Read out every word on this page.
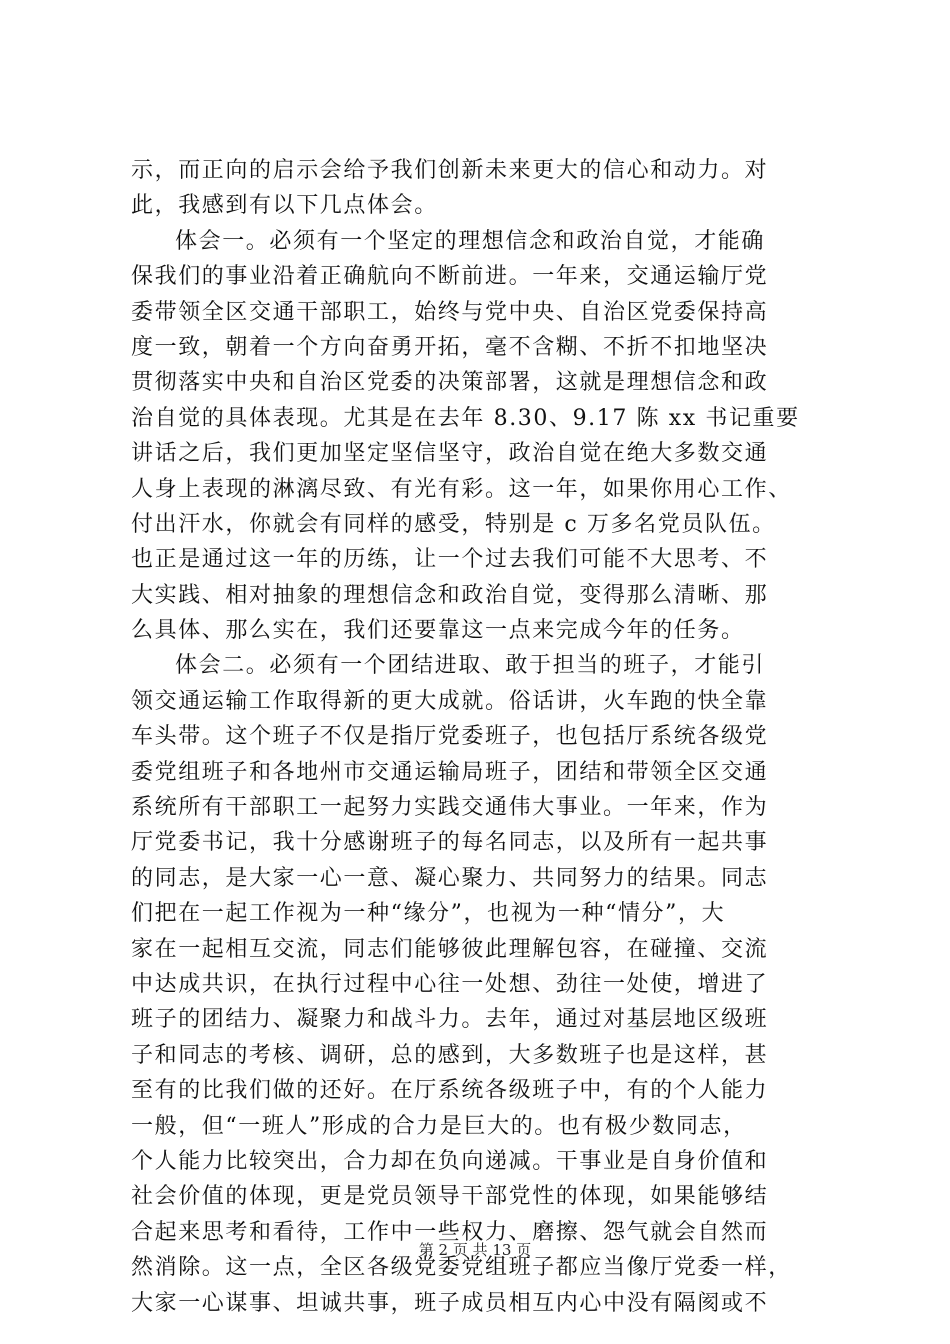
示，而正向的启示会给予我们创新未来更大的信心和动力。对
此，我感到有以下几点体会。
体会一。必须有一个坚定的理想信念和政治自觉，才能确
保我们的事业沿着正确航向不断前进。一年来，交通运输厅党
委带领全区交通干部职工，始终与党中央、自治区党委保持高
度一致，朝着一个方向奋勇开拓，毫不含糊、不折不扣地坚决
贯彻落实中央和自治区党委的决策部署，这就是理想信念和政
治自觉的具体表现。尤其是在去年 8.30、9.17 陈 xx 书记重要
讲话之后，我们更加坚定坚信坚守，政治自觉在绝大多数交通
人身上表现的淋漓尽致、有光有彩。这一年，如果你用心工作、
付出汗水，你就会有同样的感受，特别是 c 万多名党员队伍。
也正是通过这一年的历练，让一个过去我们可能不大思考、不
大实践、相对抽象的理想信念和政治自觉，变得那么清晰、那
么具体、那么实在，我们还要靠这一点来完成今年的任务。
体会二。必须有一个团结进取、敢于担当的班子，才能引
领交通运输工作取得新的更大成就。俗话讲，火车跑的快全靠
车头带。这个班子不仅是指厅党委班子，也包括厅系统各级党
委党组班子和各地州市交通运输局班子，团结和带领全区交通
系统所有干部职工一起努力实践交通伟大事业。一年来，作为
厅党委书记，我十分感谢班子的每名同志，以及所有一起共事
的同志，是大家一心一意、凝心聚力、共同努力的结果。同志
们把在一起工作视为一种“缘分”，也视为一种“情分”，大
家在一起相互交流，同志们能够彼此理解包容，在碰撞、交流
中达成共识，在执行过程中心往一处想、劲往一处使，增进了
班子的团结力、凝聚力和战斗力。去年，通过对基层地区级班
子和同志的考核、调研，总的感到，大多数班子也是这样，甚
至有的比我们做的还好。在厅系统各级班子中，有的个人能力
一般，但“一班人”形成的合力是巨大的。也有极少数同志，
个人能力比较突出，合力却在负向递减。干事业是自身价值和
社会价值的体现，更是党员领导干部党性的体现，如果能够结
合起来思考和看待，工作中一些权力、磨擦、怨气就会自然而
然消除。这一点，全区各级党委党组班子都应当像厅党委一样，
大家一心谋事、坦诚共事，班子成员相互内心中没有隔阂或不
第 2 页 共 13 页
